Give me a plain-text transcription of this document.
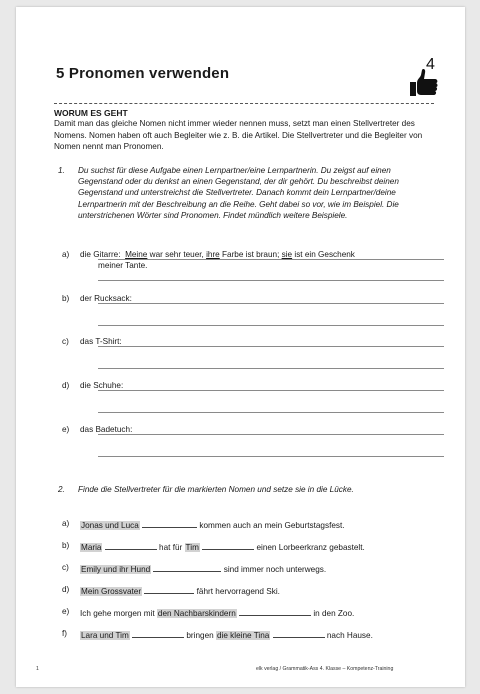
5 Pronomen verwenden
4
WORUM ES GEHT
Damit man das gleiche Nomen nicht immer wieder nennen muss, setzt man einen Stellvertreter des Nomens. Nomen haben oft auch Begleiter wie z. B. die Artikel. Die Stellvertreter und die Begleiter von Nomen nennt man Pronomen.
1. Du suchst für diese Aufgabe einen Lernpartner/eine Lernpartnerin. Du zeigst auf einen Gegenstand oder du denkst an einen Gegenstand, der dir gehört. Du beschreibst deinen Gegenstand und unterstreichst die Stellvertreter. Danach kommt dein Lernpartner/deine Lernpartnerin mit der Beschreibung an die Reihe. Geht dabei so vor, wie im Beispiel. Die unterstrichenen Wörter sind Pronomen. Findet mündlich weitere Beispiele.
a) die Gitarre: Meine war sehr teuer, ihre Farbe ist braun; sie ist ein Geschenk
meiner Tante.
b) der Rucksack:
c) das T-Shirt:
d) die Schuhe:
e) das Badetuch:
2. Finde die Stellvertreter für die markierten Nomen und setze sie in die Lücke.
a) Jonas und Luca	kommen auch an mein Geburtstagsfest.
b) Maria	hat für Tim	einen Lorbeerkranz gebastelt.
c) Emily und ihr Hund	sind immer noch unterwegs.
d) Mein Grossvater	fährt hervorragend Ski.
e) Ich gehe morgen mit den Nachbarskindern	in den Zoo.
f) Lara und Tim	bringen die kleine Tina	nach Hause.
1	elk verlag / Grammatik-Ass 4. Klasse – Kompetenz-Training
